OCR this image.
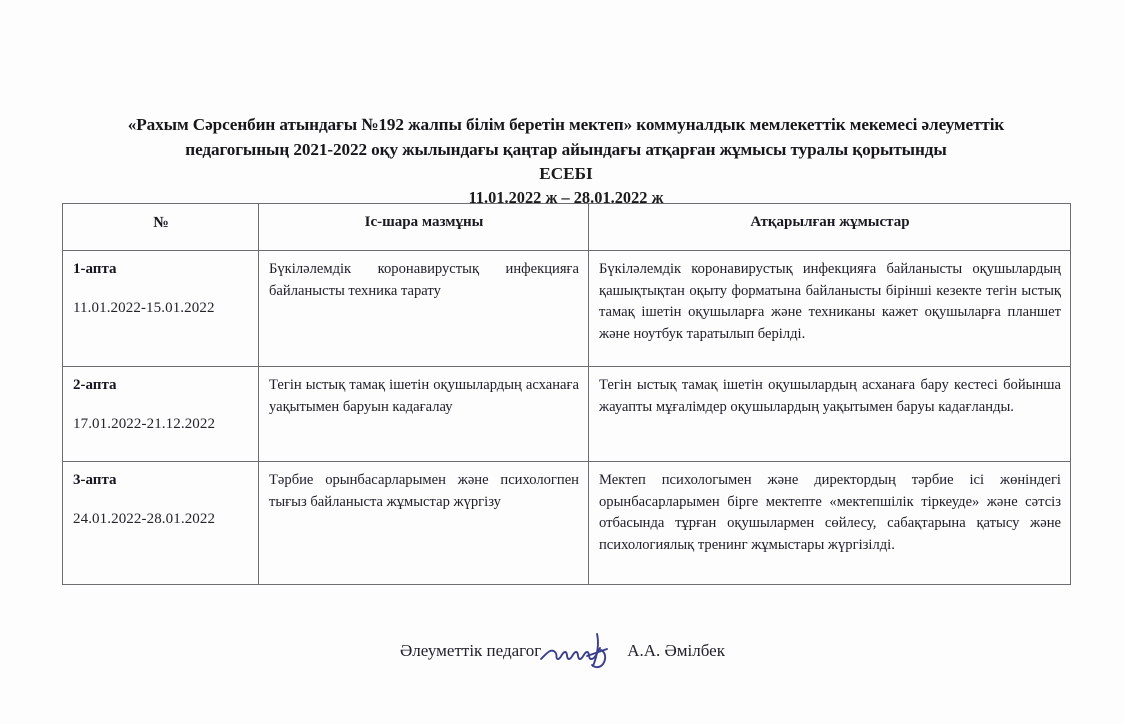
«Рахым Сәрсенбин атындағы №192 жалпы білім беретін мектеп» коммуналдык мемлекеттік мекемесі әлеуметтік
педагогының 2021-2022 оқу жылындағы қаңтар айындағы атқарған жұмысы туралы қорытынды
ЕСЕБІ
11.01.2022 ж – 28.01.2022 ж
№	Іс-шара мазмұны	Атқарылған жұмыстар

1-апта
11.01.2022-15.01.2022	Бүкіләлемдік коронавирустық инфекцияға байланысты техника тарату	Бүкіләлемдік коронавирустық инфекцияға байланысты оқушылардың қашықтықтан оқыту форматына байланысты бірінші кезекте тегін ыстық тамақ ішетін оқушыларға және техниканы кажет оқушыларға планшет және ноутбук таратылып берілді.

2-апта
17.01.2022-21.12.2022	Тегін ыстық тамақ ішетін оқушылардың асханаға уақытымен баруын кадағалау	Тегін ыстық тамақ ішетін оқушылардың асханаға бару кестесі бойынша жауапты мұғалімдер оқушылардың уақытымен баруы кадағланды.

3-апта
24.01.2022-28.01.2022	Тәрбие орынбасарларымен және психологпен тығыз байланыста жұмыстар жүргізу	Мектеп психологымен және директордың тәрбие ісі жөніндегі орынбасарларымен бірге мектепте «мектепшілік тіркеуде» және сәтсіз отбасында тұрған оқушылармен сөйлесу, сабақтарына қатысу және психологиялық тренинг жұмыстары жүргізілді.

Әлеуметтік педагог	А.А. Әмілбек
